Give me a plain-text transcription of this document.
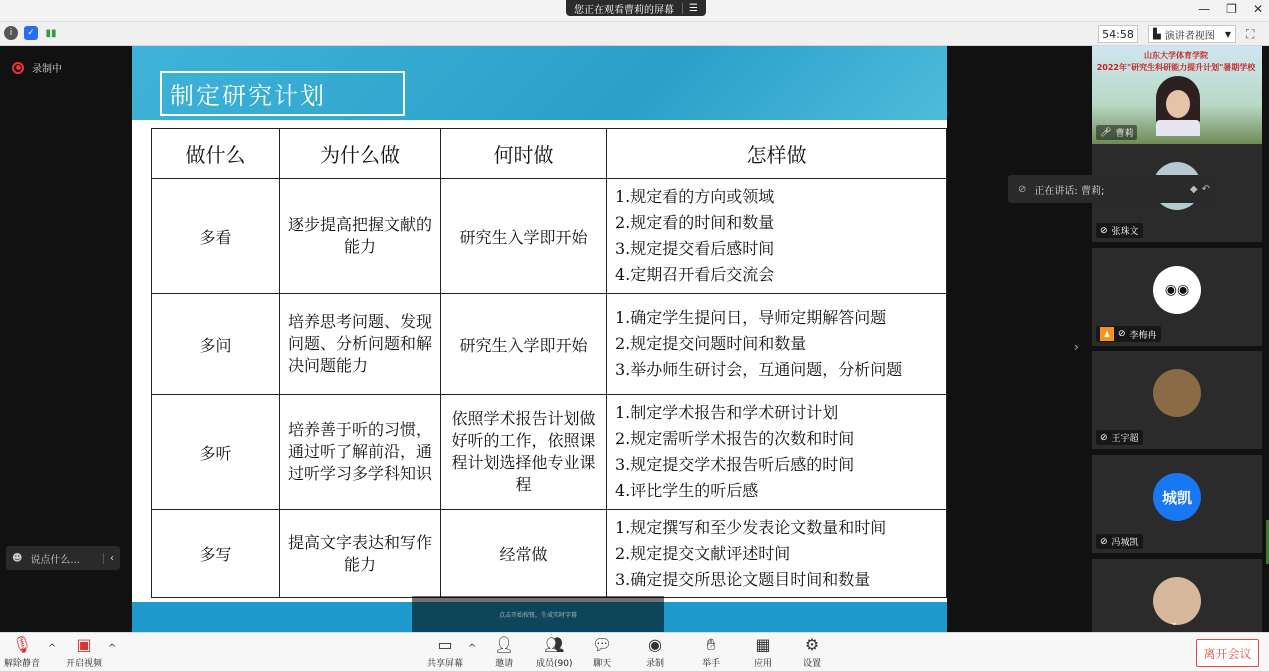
您正在观看曹莉的屏幕	☰	— ❐ ✕
i	✓	▮▮	54:58	▙ 演讲者视图 ▼ ⛶
录制中
☻ 说点什么...	‹
制定研究计划
做什么	为什么做	何时做	怎样做
多看	逐步提高把握文献的能力	研究生入学即开始	1.规定看的方向或领域
2.规定看的时间和数量
3.规定提交看后感时间
4.定期召开看后交流会

多问	培养思考问题、发现问题、分析问题和解决问题能力	研究生入学即开始	1.确定学生提问日，导师定期解答问题
2.规定提交问题时间和数量
3.举办师生研讨会，互通问题，分析问题

多听	培养善于听的习惯，通过听了解前沿，通过听学习多学科知识	依照学术报告计划做好听的工作，依照课程计划选择他专业课程	1.制定学术报告和学术研讨计划
2.规定需听学术报告的次数和时间
3.规定提交学术报告听后感的时间
4.评比学生的听后感

多写	提高文字表达和写作能力	经常做	1.规定撰写和至少发表论文数量和时间
2.规定提交文献评述时间
3.确定提交所思论文题目时间和数量
点击开始按钮，生成实时字幕
›
山东大学体育学院
2022年"研究生科研能力提升计划"暑期学校
🎤︎ 曹莉
⊘ 张珠文
◉◉
♟ ⊘ 李梅冉
⊘ 王宇超
城凯
⊘ 冯城凯
⌄
⊘ 正在讲话: 曹莉;	◆ ↶
🎙︎
解除静音
^ ▣
开启视频
^	▭
共享屏幕
^ 👤︎
邀请
👥︎
成员(90)
💬︎
聊天
◉
录制
✋︎
举手
▦
应用
⚙
设置
离开会议
